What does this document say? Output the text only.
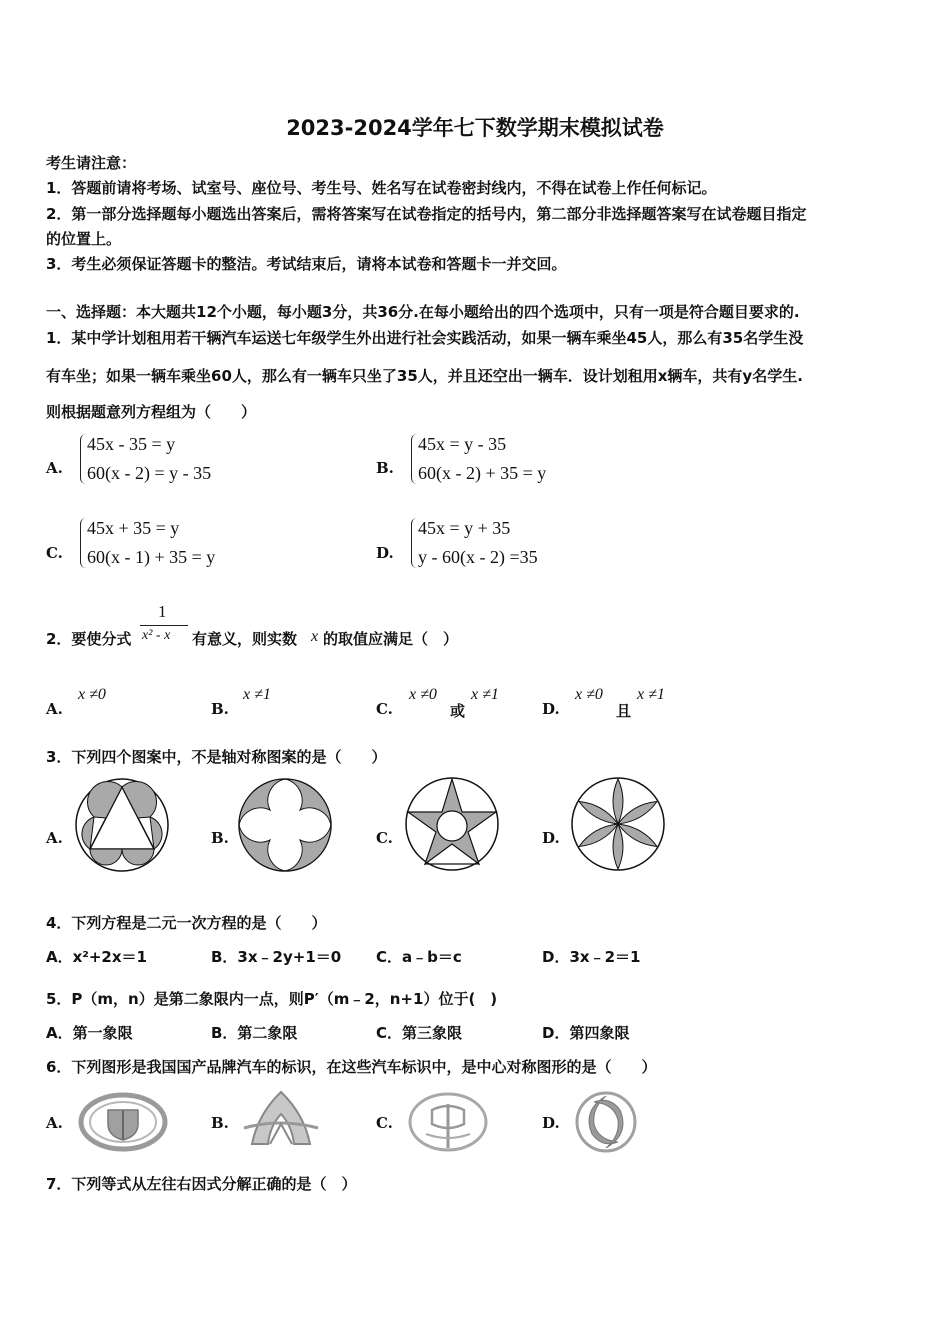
2023-2024学年七下数学期末模拟试卷
考生请注意：
1．答题前请将考场、试室号、座位号、考生号、姓名写在试卷密封线内，不得在试卷上作任何标记。
2．第一部分选择题每小题选出答案后，需将答案写在试卷指定的括号内，第二部分非选择题答案写在试卷题目指定
的位置上。
3．考生必须保证答题卡的整洁。考试结束后，请将本试卷和答题卡一并交回。
一、选择题：本大题共12个小题，每小题3分，共36分.在每小题给出的四个选项中，只有一项是符合题目要求的.
1．某中学计划租用若干辆汽车运送七年级学生外出进行社会实践活动，如果一辆车乘坐45人，那么有35名学生没
有车坐；如果一辆车乘坐60人，那么有一辆车只坐了35人，并且还空出一辆车．设计划租用x辆车，共有y名学生.
则根据题意列方程组为（　　）
A.
45x - 35 = y
60(x - 2) = y - 35	B.
45x = y - 35
60(x - 2) + 35 = y
C.
45x + 35 = y
60(x - 1) + 35 = y	D.
45x = y + 35
y - 60(x - 2) =35
2．要使分式
1
x² - x 有意义，则实数 x 的取值应满足（　）
A.
x ≠0
B.
x ≠1
C.
x ≠0
或
x ≠1
D.
x ≠0
且
x ≠1
3．下列四个图案中，不是轴对称图案的是（　　）
A.	B.	C.	D.
4．下列方程是二元一次方程的是（　　）
A．x²+2x＝1	B．3x﹣2y+1＝0 C．a﹣b＝c	D．3x﹣2＝1
5．P（m，n）是第二象限内一点，则P′（m﹣2，n+1）位于(　)
A．第一象限	B．第二象限	C．第三象限	D．第四象限
6．下列图形是我国国产品牌汽车的标识，在这些汽车标识中，是中心对称图形的是（　　）
A.	B.	C.	D.
7．下列等式从左往右因式分解正确的是（　）
